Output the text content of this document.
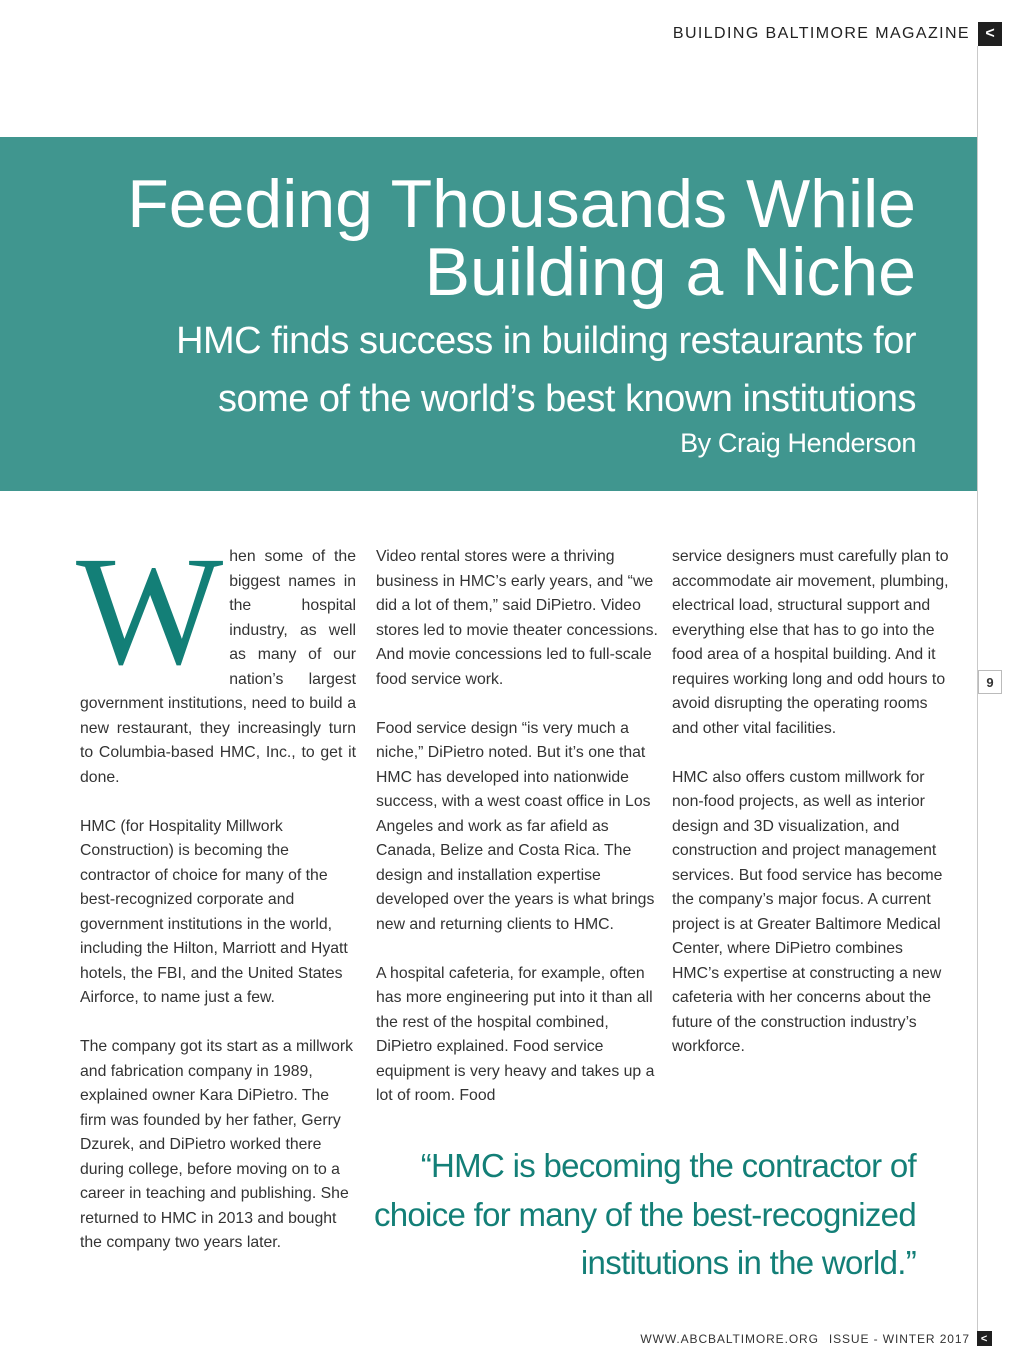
BUILDING BALTIMORE MAGAZINE <
Feeding Thousands While
Building a Niche
HMC finds success in building restaurants for
some of the world’s best known institutions
By Craig Henderson

When some of the biggest names in the hospital industry, as well as many of our nation’s largest government institutions, need to build a new restaurant, they increasingly turn to Columbia-based HMC, Inc., to get it done.

HMC (for Hospitality Millwork Construction) is becoming the contractor of choice for many of the best-recognized corporate and government institutions in the world, including the Hilton, Marriott and Hyatt hotels, the FBI, and the United States Airforce, to name just a few.

The company got its start as a millwork and fabrication company in 1989, explained owner Kara DiPietro. The firm was founded by her father, Gerry Dzurek, and DiPietro worked there during college, before moving on to a career in teaching and publishing. She returned to HMC in 2013 and bought the company two years later.

Video rental stores were a thriving business in HMC’s early years, and “we did a lot of them,” said DiPietro. Video stores led to movie theater concessions. And movie concessions led to full-scale food service work.

Food service design “is very much a niche,” DiPietro noted. But it’s one that HMC has developed into nationwide success, with a west coast office in Los Angeles and work as far afield as Canada, Belize and Costa Rica. The design and installation expertise developed over the years is what brings new and returning clients to HMC.

A hospital cafeteria, for example, often has more engineering put into it than all the rest of the hospital combined, DiPietro explained. Food service equipment is very heavy and takes up a lot of room. Food

service designers must carefully plan to accommodate air movement, plumbing, electrical load, structural support and everything else that has to go into the food area of a hospital building. And it requires working long and odd hours to avoid disrupting the operating rooms and other vital facilities.

HMC also offers custom millwork for non-food projects, as well as interior design and 3D visualization, and construction and project management services. But food service has become the company’s major focus. A current project is at Greater Baltimore Medical Center, where DiPietro combines HMC’s expertise at constructing a new cafeteria with her concerns about the future of the construction industry’s workforce.

9
“HMC is becoming the contractor of
choice for many of the best-recognized
institutions in the world.”
WWW.ABCBALTIMORE.ORG ISSUE - WINTER 2017 <
